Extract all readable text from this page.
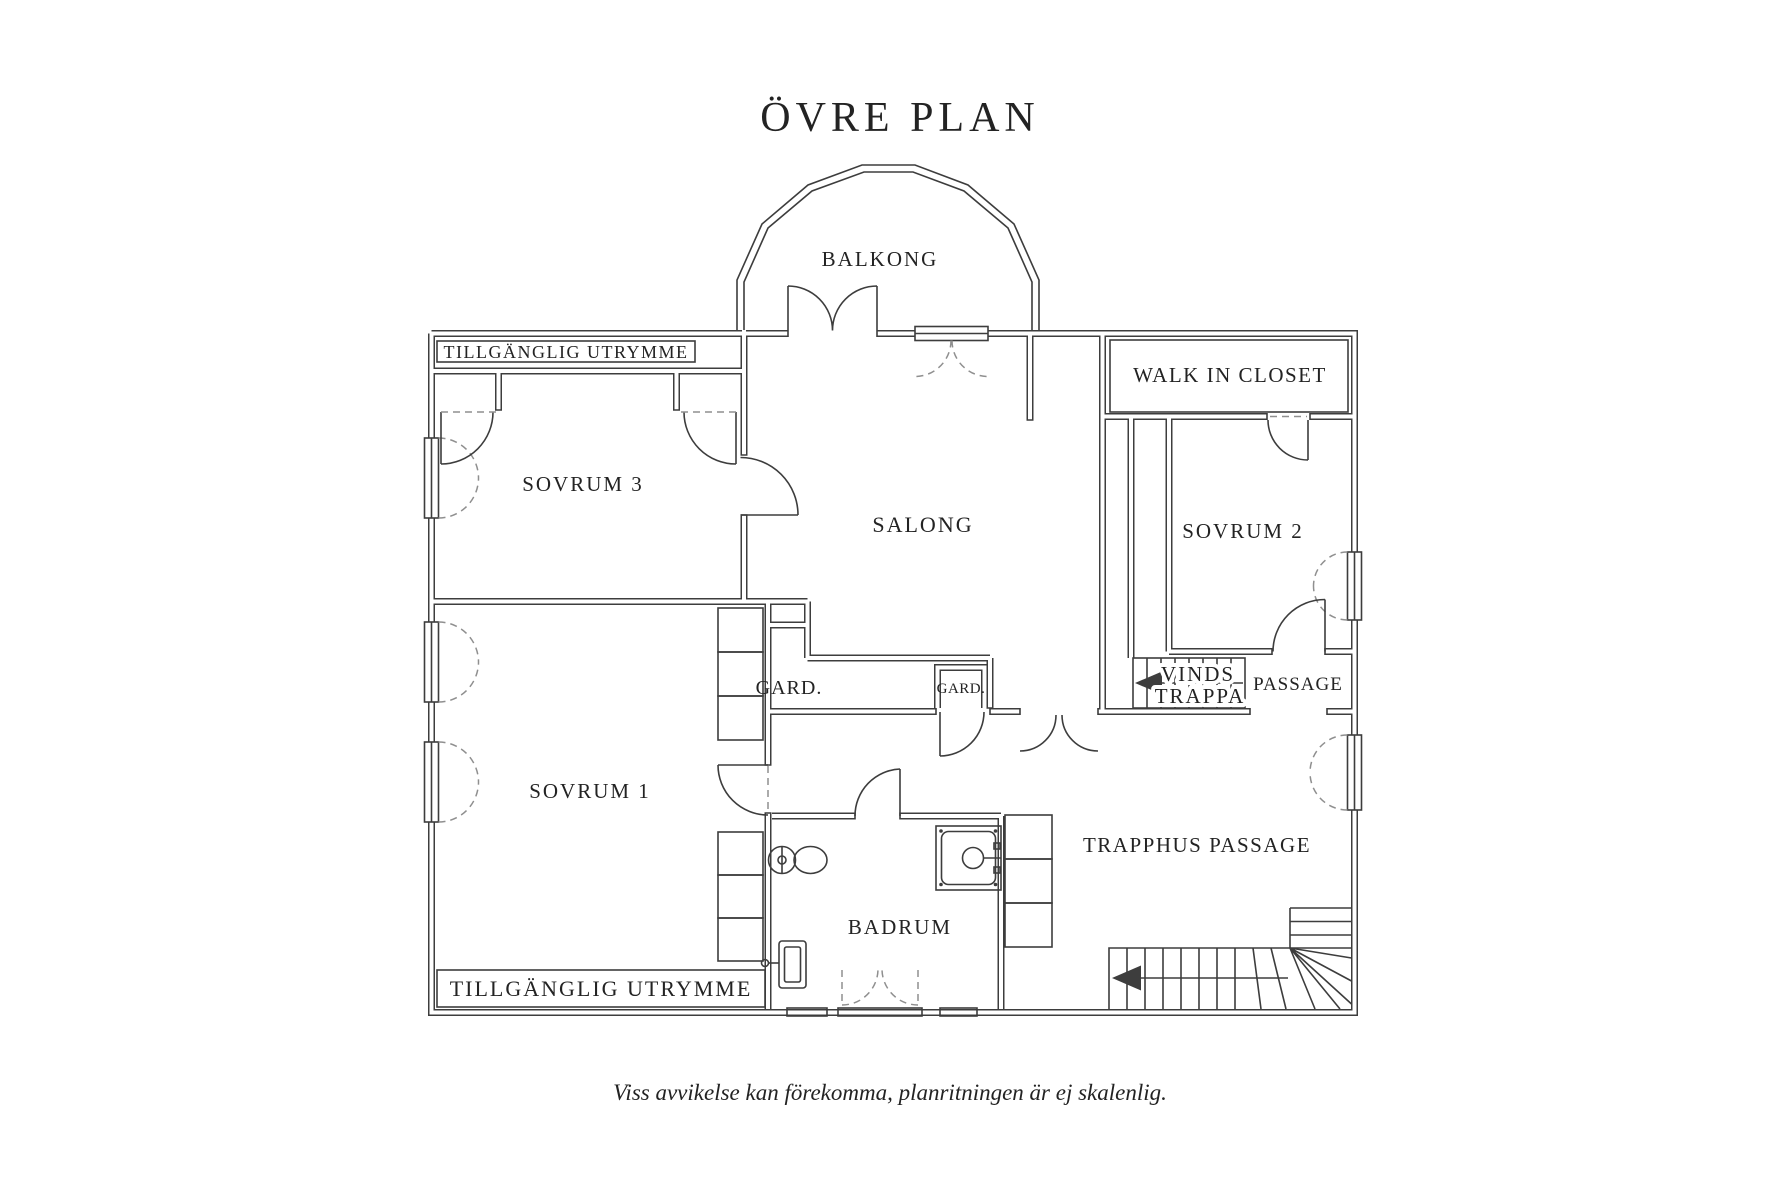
ÖVRE PLAN
BALKONG
TILLGÄNGLIG UTRYMME
SOVRUM 3
SALONG
WALK IN CLOSET
SOVRUM 2
GARD.	GARD.
VINDS
TRAPPA PASSAGE
SOVRUM 1
TRAPPHUS PASSAGE
BADRUM
TILLGÄNGLIG UTRYMME
Viss avvikelse kan förekomma, planritningen är ej skalenlig.
